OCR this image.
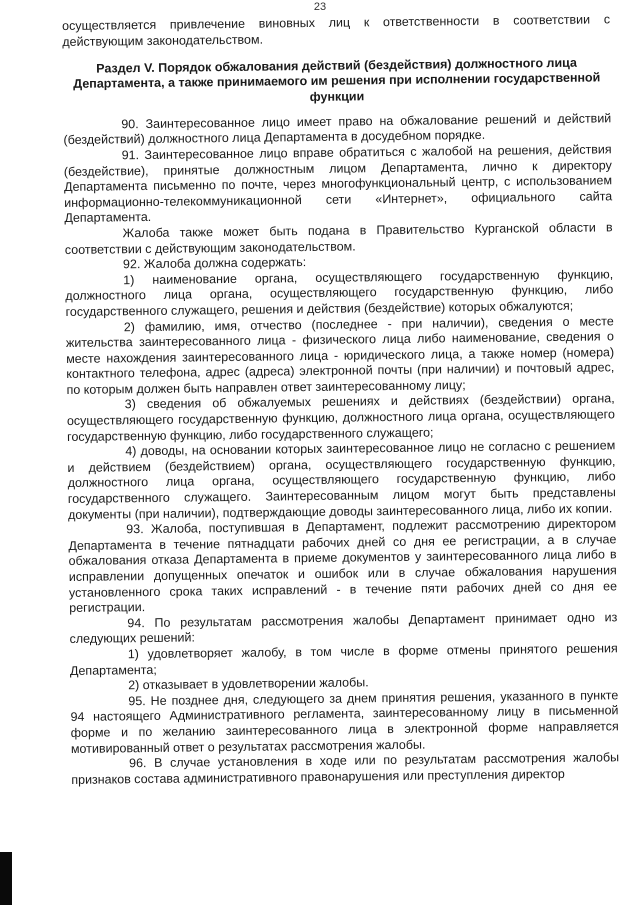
23

осуществляется привлечение виновных лиц к ответственности в соответствии с действующим законодательством.

Раздел V. Порядок обжалования действий (бездействия) должностного лица Департамента, а также принимаемого им решения при исполнении государственной функции

90. Заинтересованное лицо имеет право на обжалование решений и действий (бездействий) должностного лица Департамента в досудебном порядке.

91. Заинтересованное лицо вправе обратиться с жалобой на решения, действия (бездействие), принятые должностным лицом Департамента, лично к директору Департамента письменно по почте, через многофункциональный центр, с использованием информационно-телекоммуникационной сети «Интернет», официального сайта Департамента.

Жалоба также может быть подана в Правительство Курганской области в соответствии с действующим законодательством.

92. Жалоба должна содержать:

1) наименование органа, осуществляющего государственную функцию, должностного лица органа, осуществляющего государственную функцию, либо государственного служащего, решения и действия (бездействие) которых обжалуются;

2) фамилию, имя, отчество (последнее - при наличии), сведения о месте жительства заинтересованного лица - физического лица либо наименование, сведения о месте нахождения заинтересованного лица - юридического лица, а также номер (номера) контактного телефона, адрес (адреса) электронной почты (при наличии) и почтовый адрес, по которым должен быть направлен ответ заинтересованному лицу;

3) сведения об обжалуемых решениях и действиях (бездействии) органа, осуществляющего государственную функцию, должностного лица органа, осуществляющего государственную функцию, либо государственного служащего;

4) доводы, на основании которых заинтересованное лицо не согласно с решением и действием (бездействием) органа, осуществляющего государственную функцию, должностного лица органа, осуществляющего государственную функцию, либо государственного служащего. Заинтересованным лицом могут быть представлены документы (при наличии), подтверждающие доводы заинтересованного лица, либо их копии.

93. Жалоба, поступившая в Департамент, подлежит рассмотрению директором Департамента в течение пятнадцати рабочих дней со дня ее регистрации, а в случае обжалования отказа Департамента в приеме документов у заинтересованного лица либо в исправлении допущенных опечаток и ошибок или в случае обжалования нарушения установленного срока таких исправлений - в течение пяти рабочих дней со дня ее регистрации.

94. По результатам рассмотрения жалобы Департамент принимает одно из следующих решений:

1) удовлетворяет жалобу, в том числе в форме отмены принятого решения Департамента;

2) отказывает в удовлетворении жалобы.

95. Не позднее дня, следующего за днем принятия решения, указанного в пункте 94 настоящего Административного регламента, заинтересованному лицу в письменной форме и по желанию заинтересованного лица в электронной форме направляется мотивированный ответ о результатах рассмотрения жалобы.

96. В случае установления в ходе или по результатам рассмотрения жалобы признаков состава административного правонарушения или преступления директор
